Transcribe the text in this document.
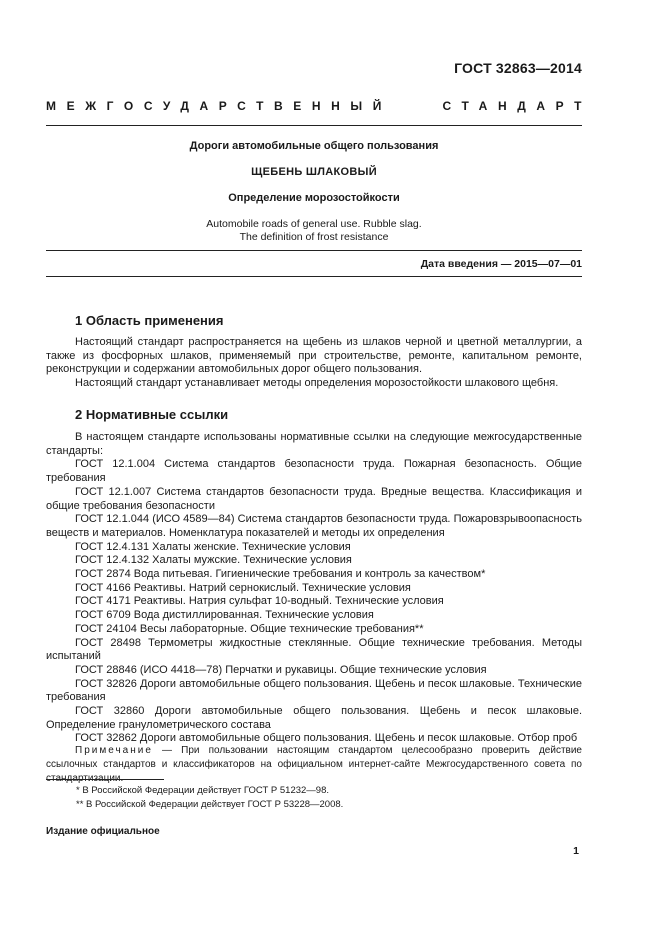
ГОСТ 32863—2014
МЕЖГОСУДАРСТВЕННЫЙ	СТАНДАРТ
Дороги автомобильные общего пользования
ЩЕБЕНЬ ШЛАКОВЫЙ
Определение морозостойкости
Automobile roads of general use. Rubble slag.
The definition of frost resistance
Дата введения — 2015—07—01
1 Область применения
Настоящий стандарт распространяется на щебень из шлаков черной и цветной металлургии, а также из фосфорных шлаков, применяемый при строительстве, ремонте, капитальном ремонте, реконструкции и содержании автомобильных дорог общего пользования.
Настоящий стандарт устанавливает методы определения морозостойкости шлакового щебня.
2 Нормативные ссылки
В настоящем стандарте использованы нормативные ссылки на следующие межгосударственные стандарты:
ГОСТ 12.1.004 Система стандартов безопасности труда. Пожарная безопасность. Общие требования
ГОСТ 12.1.007 Система стандартов безопасности труда. Вредные вещества. Классификация и общие требования безопасности
ГОСТ 12.1.044 (ИСО 4589—84) Система стандартов безопасности труда. Пожаровзрывоопасность веществ и материалов. Номенклатура показателей и методы их определения
ГОСТ 12.4.131 Халаты женские. Технические условия
ГОСТ 12.4.132 Халаты мужские. Технические условия
ГОСТ 2874 Вода питьевая. Гигиенические требования и контроль за качеством*
ГОСТ 4166 Реактивы. Натрий сернокислый. Технические условия
ГОСТ 4171 Реактивы. Натрия сульфат 10-водный. Технические условия
ГОСТ 6709 Вода дистиллированная. Технические условия
ГОСТ 24104 Весы лабораторные. Общие технические требования**
ГОСТ 28498 Термометры жидкостные стеклянные. Общие технические требования. Методы испытаний
ГОСТ 28846 (ИСО 4418—78) Перчатки и рукавицы. Общие технические условия
ГОСТ 32826 Дороги автомобильные общего пользования. Щебень и песок шлаковые. Технические требования
ГОСТ 32860 Дороги автомобильные общего пользования. Щебень и песок шлаковые. Определение гранулометрического состава
ГОСТ 32862 Дороги автомобильные общего пользования. Щебень и песок шлаковые. Отбор проб
Примечание — При пользовании настоящим стандартом целесообразно проверить действие ссылочных стандартов и классификаторов на официальном интернет-сайте Межгосударственного совета по стандартизации.
* В Российской Федерации действует ГОСТ Р 51232—98.
** В Российской Федерации действует ГОСТ Р 53228—2008.
Издание официальное
1
